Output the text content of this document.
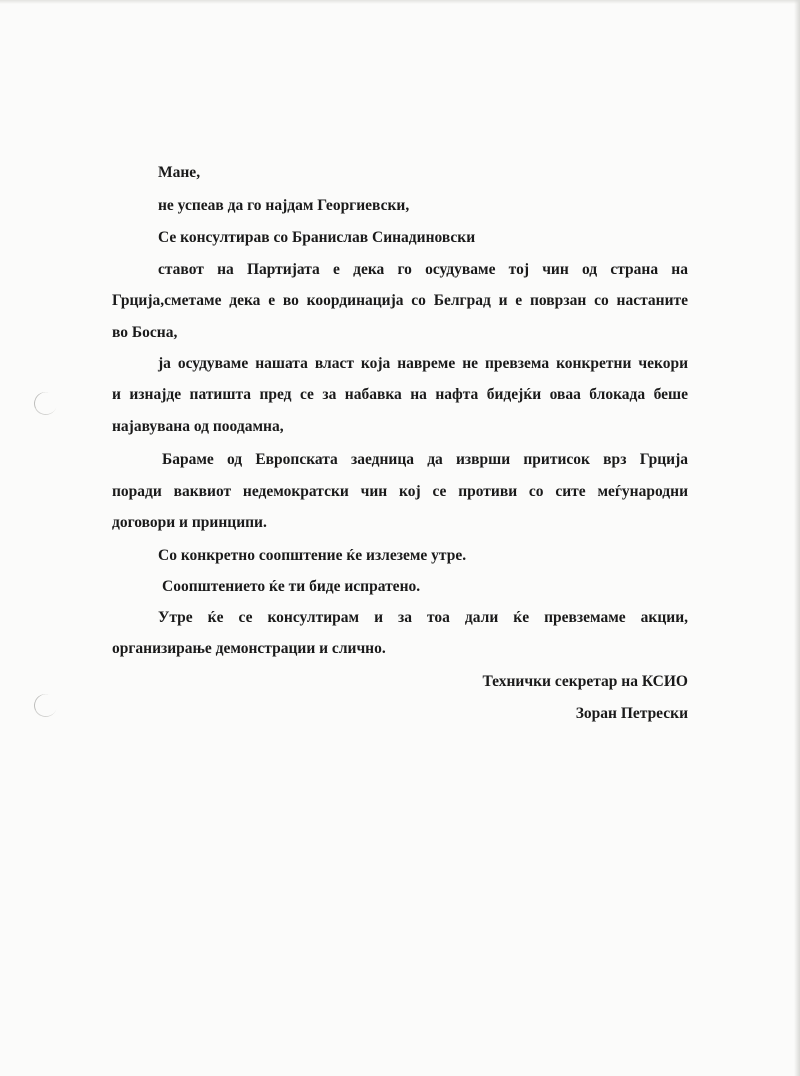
Мане,
не успеав да го најдам Георгиевски,
Се консултирав со Бранислав Синадиновски
ставот на Партијата е дека го осудуваме тој чин од страна на
Грција,сметаме дека е во координација со Белград и е поврзан со настаните
во Босна,
ја осудуваме нашата власт која навреме не превзема конкретни чекори
и изнајде патишта пред се за набавка на нафта бидејќи оваа блокада беше
најавувана од поодамна,
Бараме од Европската заедница да изврши притисок врз Грција
поради ваквиот недемократски чин кој се противи со сите меѓународни
договори и принципи.
Со конкретно соопштение ќе излеземе утре.
Соопштениeто ќе ти биде испратено.
Утре ќе се консултирам и за тоа дали ќе превземаме акции,
организирање демонстрации и слично.
Технички секретар на КСИО
Зоран Петрески
